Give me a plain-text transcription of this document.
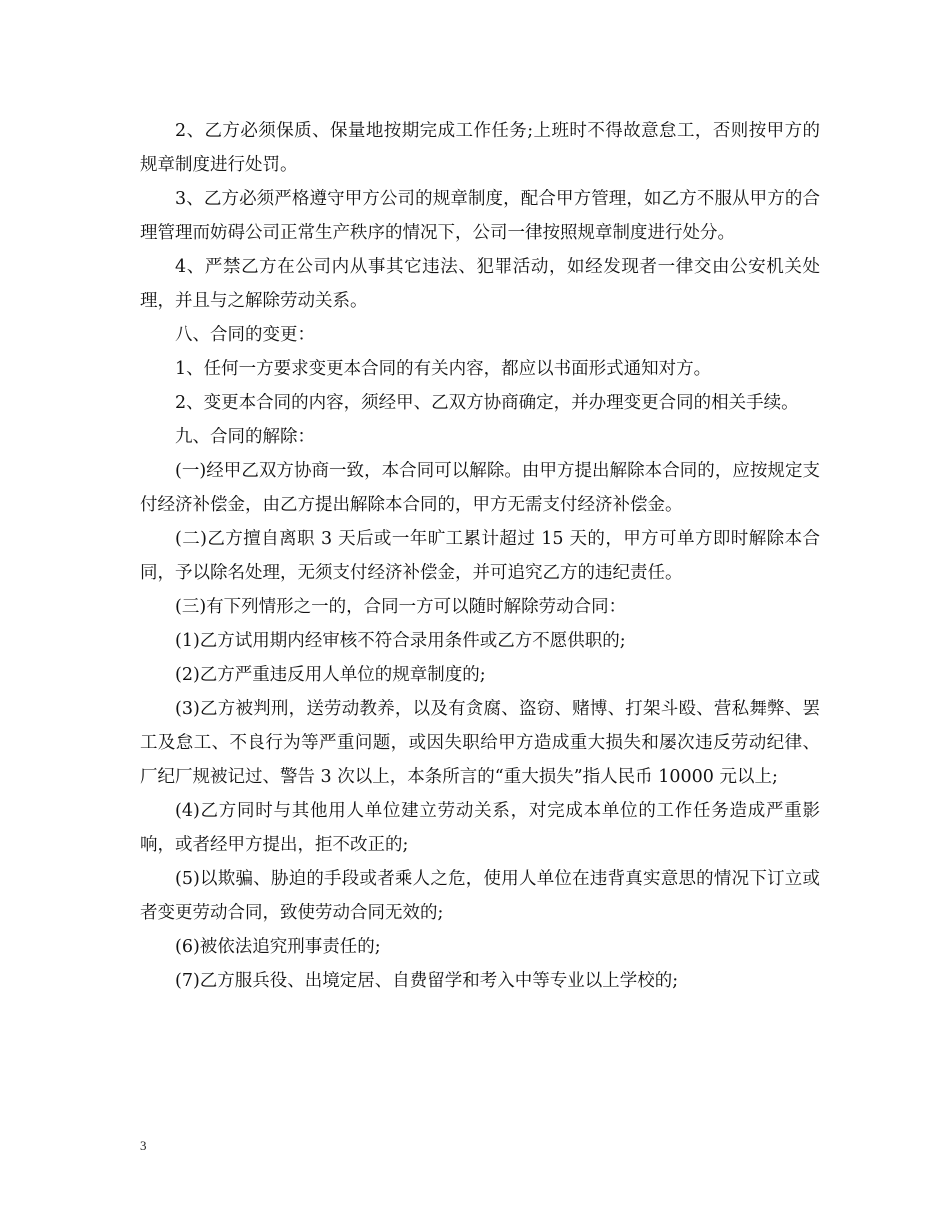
2、乙方必须保质、保量地按期完成工作任务;上班时不得故意怠工，否则按甲方的规章制度进行处罚。

3、乙方必须严格遵守甲方公司的规章制度，配合甲方管理，如乙方不服从甲方的合理管理而妨碍公司正常生产秩序的情况下，公司一律按照规章制度进行处分。

4、严禁乙方在公司内从事其它违法、犯罪活动，如经发现者一律交由公安机关处理，并且与之解除劳动关系。

八、合同的变更：

1、任何一方要求变更本合同的有关内容，都应以书面形式通知对方。

2、变更本合同的内容，须经甲、乙双方协商确定，并办理变更合同的相关手续。

九、合同的解除：

(一)经甲乙双方协商一致，本合同可以解除。由甲方提出解除本合同的，应按规定支付经济补偿金，由乙方提出解除本合同的，甲方无需支付经济补偿金。

(二)乙方擅自离职 3 天后或一年旷工累计超过 15 天的，甲方可单方即时解除本合同，予以除名处理，无须支付经济补偿金，并可追究乙方的违纪责任。

(三)有下列情形之一的，合同一方可以随时解除劳动合同：

(1)乙方试用期内经审核不符合录用条件或乙方不愿供职的;

(2)乙方严重违反用人单位的规章制度的;

(3)乙方被判刑，送劳动教养，以及有贪腐、盗窃、赌博、打架斗殴、营私舞弊、罢工及怠工、不良行为等严重问题，或因失职给甲方造成重大损失和屡次违反劳动纪律、厂纪厂规被记过、警告 3 次以上，本条所言的“重大损失”指人民币 10000 元以上;

(4)乙方同时与其他用人单位建立劳动关系，对完成本单位的工作任务造成严重影响，或者经甲方提出，拒不改正的;

(5)以欺骗、胁迫的手段或者乘人之危，使用人单位在违背真实意思的情况下订立或者变更劳动合同，致使劳动合同无效的;

(6)被依法追究刑事责任的;

(7)乙方服兵役、出境定居、自费留学和考入中等专业以上学校的;

3
